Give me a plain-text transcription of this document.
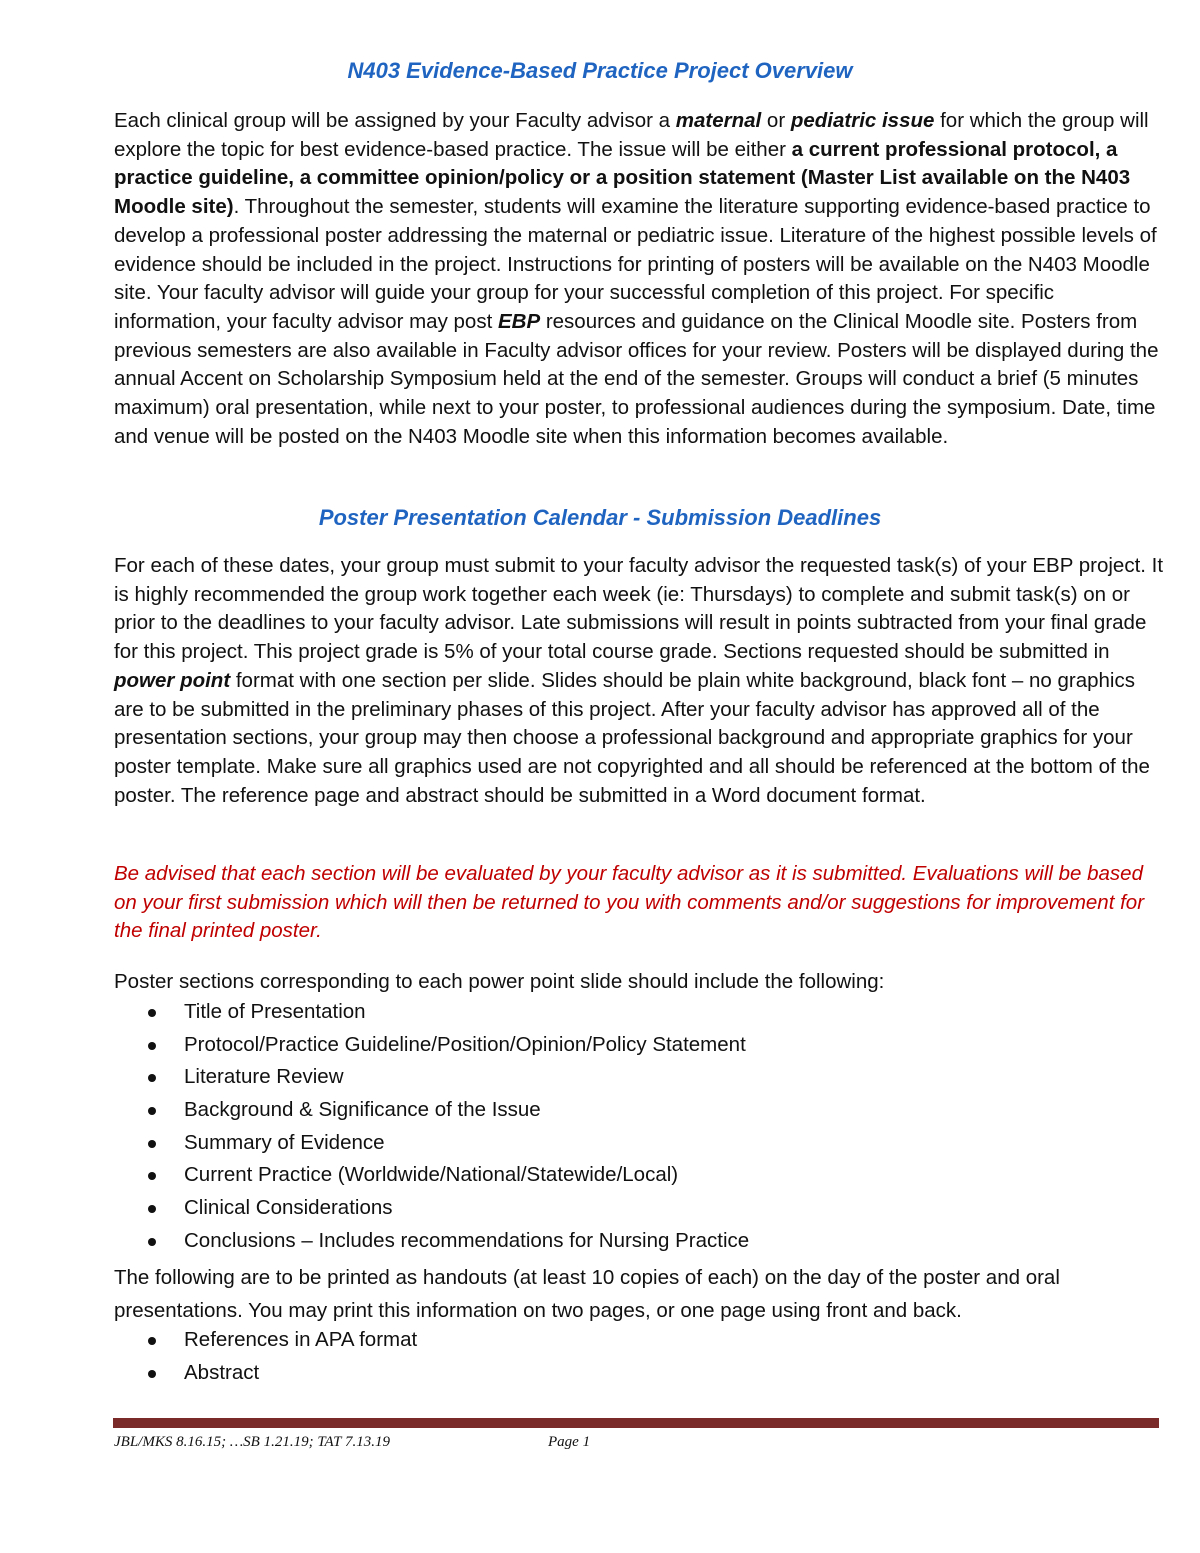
N403 Evidence-Based Practice Project Overview
Each clinical group will be assigned by your Faculty advisor a maternal or pediatric issue for which the group will explore the topic for best evidence-based practice. The issue will be either a current professional protocol, a practice guideline, a committee opinion/policy or a position statement (Master List available on the N403 Moodle site). Throughout the semester, students will examine the literature supporting evidence-based practice to develop a professional poster addressing the maternal or pediatric issue. Literature of the highest possible levels of evidence should be included in the project. Instructions for printing of posters will be available on the N403 Moodle site. Your faculty advisor will guide your group for your successful completion of this project. For specific information, your faculty advisor may post EBP resources and guidance on the Clinical Moodle site. Posters from previous semesters are also available in Faculty advisor offices for your review. Posters will be displayed during the annual Accent on Scholarship Symposium held at the end of the semester. Groups will conduct a brief (5 minutes maximum) oral presentation, while next to your poster, to professional audiences during the symposium. Date, time and venue will be posted on the N403 Moodle site when this information becomes available.
Poster Presentation Calendar - Submission Deadlines
For each of these dates, your group must submit to your faculty advisor the requested task(s) of your EBP project. It is highly recommended the group work together each week (ie: Thursdays) to complete and submit task(s) on or prior to the deadlines to your faculty advisor. Late submissions will result in points subtracted from your final grade for this project. This project grade is 5% of your total course grade. Sections requested should be submitted in power point format with one section per slide. Slides should be plain white background, black font – no graphics are to be submitted in the preliminary phases of this project. After your faculty advisor has approved all of the presentation sections, your group may then choose a professional background and appropriate graphics for your poster template. Make sure all graphics used are not copyrighted and all should be referenced at the bottom of the poster. The reference page and abstract should be submitted in a Word document format.
Be advised that each section will be evaluated by your faculty advisor as it is submitted. Evaluations will be based on your first submission which will then be returned to you with comments and/or suggestions for improvement for the final printed poster.
Poster sections corresponding to each power point slide should include the following:
Title of Presentation
Protocol/Practice Guideline/Position/Opinion/Policy Statement
Literature Review
Background & Significance of the Issue
Summary of Evidence
Current Practice (Worldwide/National/Statewide/Local)
Clinical Considerations
Conclusions – Includes recommendations for Nursing Practice
The following are to be printed as handouts (at least 10 copies of each) on the day of the poster and oral presentations. You may print this information on two pages, or one page using front and back.
References in APA format
Abstract
JBL/MKS 8.16.15; …SB 1.21.19; TAT 7.13.19	Page 1
